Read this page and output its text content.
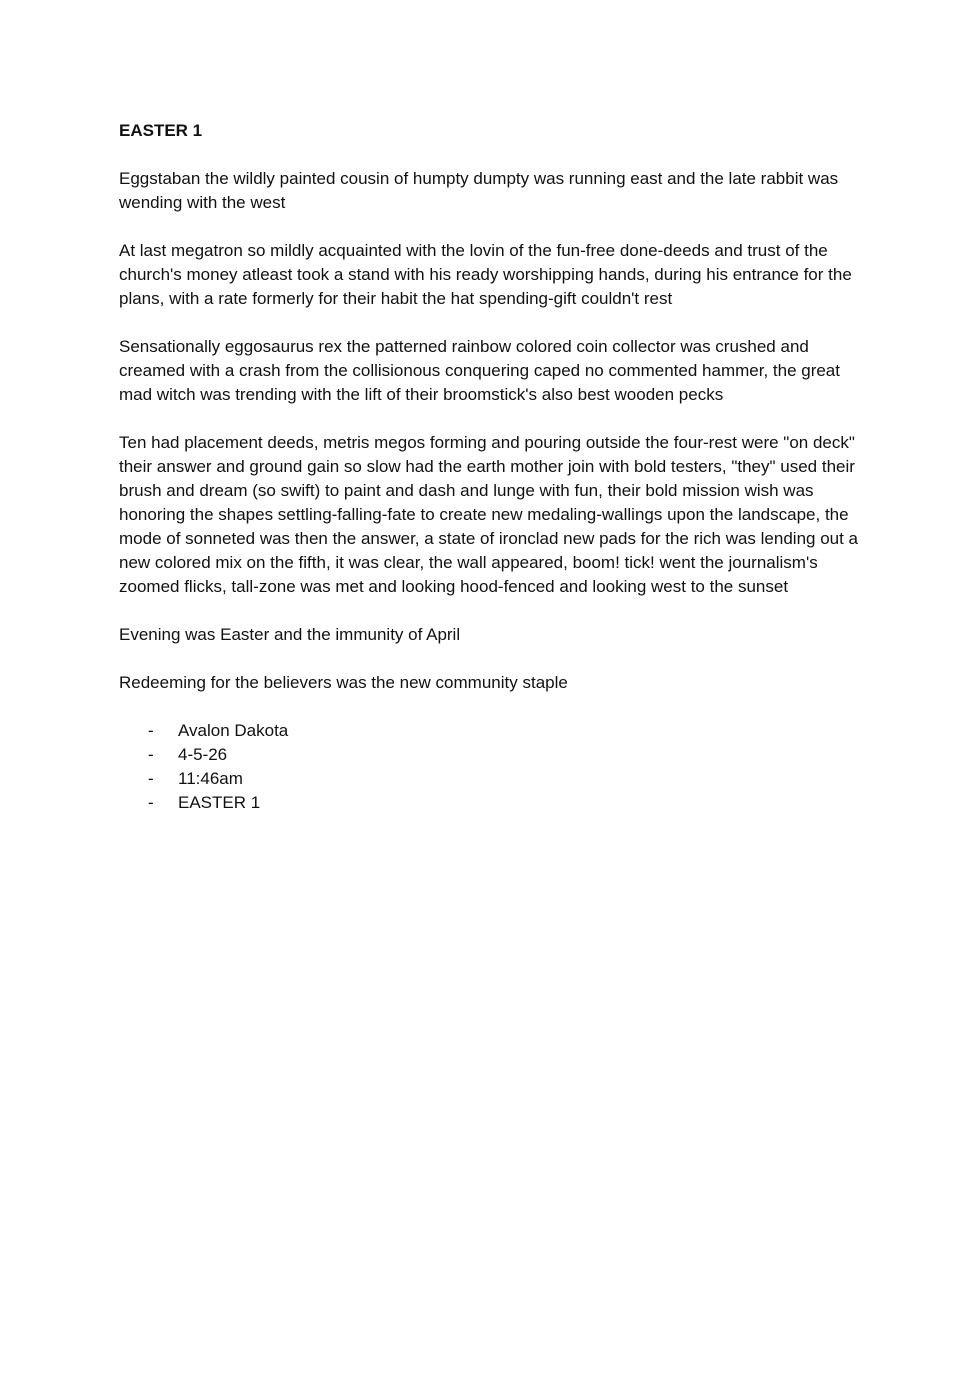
EASTER 1

Eggstaban the wildly painted cousin of humpty dumpty was running east and the late rabbit was wending with the west

At last megatron so mildly acquainted with the lovin of the fun-free done-deeds and trust of the church's money atleast took a stand with his ready worshipping hands, during his entrance for the plans, with a rate formerly for their habit the hat spending-gift couldn't rest

Sensationally eggosaurus rex the patterned rainbow colored coin collector was crushed and creamed with a crash from the collisionous conquering caped no commented hammer, the great mad witch was trending with the lift of their broomstick's also best wooden pecks

Ten had placement deeds, metris megos forming and pouring outside the four-rest were "on deck" their answer and ground gain so slow had the earth mother join with bold testers, "they" used their brush and dream (so swift) to paint and dash and lunge with fun, their bold mission wish was honoring the shapes settling-falling-fate to create new medaling-wallings upon the landscape, the mode of sonneted was then the answer, a state of ironclad new pads for the rich was lending out a new colored mix on the fifth, it was clear, the wall appeared, boom! tick! went the journalism's zoomed flicks, tall-zone was met and looking hood-fenced and looking west to the sunset

Evening was Easter and the immunity of April

Redeeming for the believers was the new community staple

- Avalon Dakota
- 4-5-26
- 11:46am
- EASTER 1
